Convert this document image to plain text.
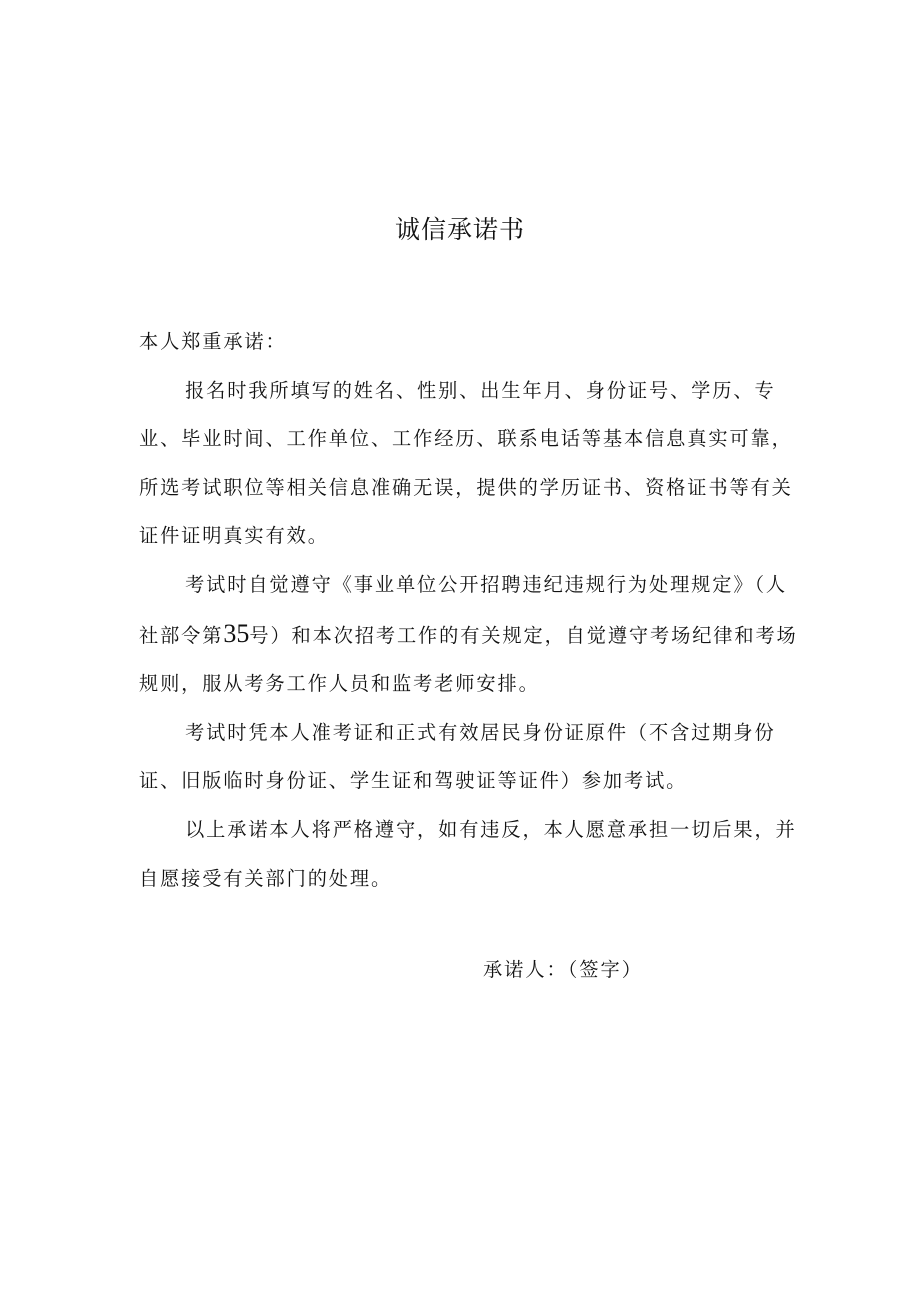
诚信承诺书

本人郑重承诺：

报名时我所填写的姓名、性别、出生年月、身份证号、学历、专业、毕业时间、工作单位、工作经历、联系电话等基本信息真实可靠，所选考试职位等相关信息准确无误，提供的学历证书、资格证书等有关证件证明真实有效。

考试时自觉遵守《事业单位公开招聘违纪违规行为处理规定》（人社部令第35号）和本次招考工作的有关规定，自觉遵守考场纪律和考场规则，服从考务工作人员和监考老师安排。

考试时凭本人准考证和正式有效居民身份证原件（不含过期身份证、旧版临时身份证、学生证和驾驶证等证件）参加考试。

以上承诺本人将严格遵守，如有违反，本人愿意承担一切后果，并自愿接受有关部门的处理。

承诺人：（签字）
